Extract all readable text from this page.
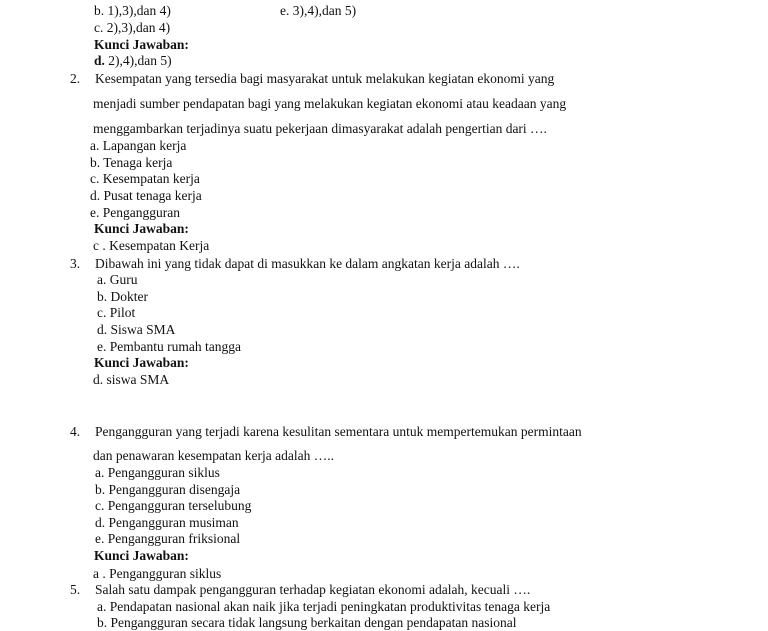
b. 1),3),dan 4)	e. 3),4),dan 5)
c. 2),3),dan 4)
Kunci Jawaban:
d. 2),4),dan 5)
2. Kesempatan yang tersedia bagi masyarakat untuk melakukan kegiatan ekonomi yang
menjadi sumber pendapatan bagi yang melakukan kegiatan ekonomi atau keadaan yang
menggambarkan terjadinya suatu pekerjaan dimasyarakat adalah pengertian dari ….
a. Lapangan kerja
b. Tenaga kerja
c. Kesempatan kerja
d. Pusat tenaga kerja
e. Pengangguran
Kunci Jawaban:
c . Kesempatan Kerja
3. Dibawah ini yang tidak dapat di masukkan ke dalam angkatan kerja adalah ….
a. Guru
b. Dokter
c. Pilot
d. Siswa SMA
e. Pembantu rumah tangga
Kunci Jawaban:
d. siswa SMA
4. Pengangguran yang terjadi karena kesulitan sementara untuk mempertemukan permintaan
dan penawaran kesempatan kerja adalah …..
a. Pengangguran siklus
b. Pengangguran disengaja
c. Pengangguran terselubung
d. Pengangguran musiman
e. Pengangguran friksional
Kunci Jawaban:
a . Pengangguran siklus
5. Salah satu dampak pengangguran terhadap kegiatan ekonomi adalah, kecuali ….
a. Pendapatan nasional akan naik jika terjadi peningkatan produktivitas tenaga kerja
b. Pengangguran secara tidak langsung berkaitan dengan pendapatan nasional
